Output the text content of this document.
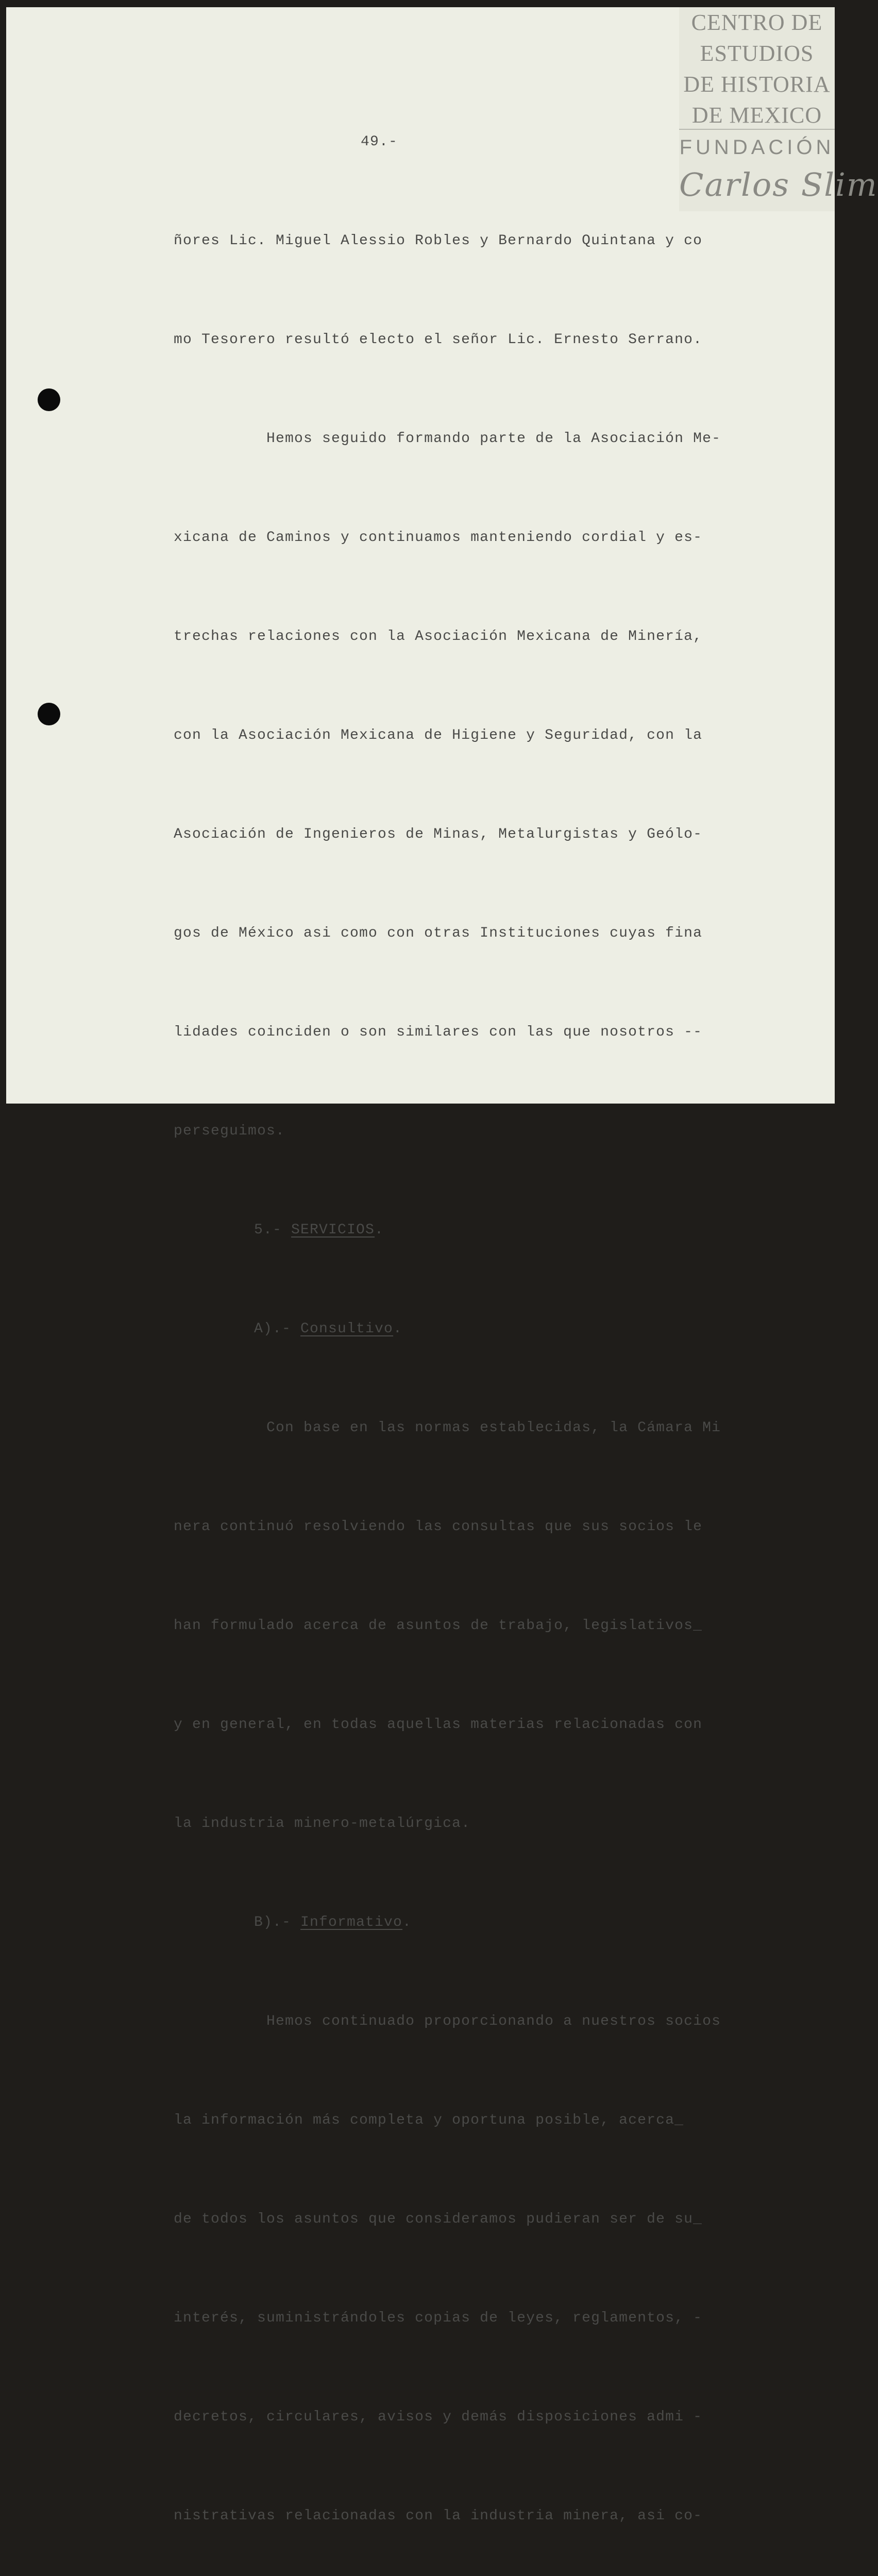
CENTRO DE
ESTUDIOS
DE HISTORIA
DE MEXICO
FUNDACIÓN
Carlos Slim
49.-

ñores Lic. Miguel Alessio Robles y Bernardo Quintana y co

mo Tesorero resultó electo el señor Lic. Ernesto Serrano.

Hemos seguido formando parte de la Asociación Me-

xicana de Caminos y continuamos manteniendo cordial y es-

trechas relaciones con la Asociación Mexicana de Minería,

con la Asociación Mexicana de Higiene y Seguridad, con la

Asociación de Ingenieros de Minas, Metalurgistas y Geólo-

gos de México asi como con otras Instituciones cuyas fina

lidades coinciden o son similares con las que nosotros --

perseguimos.

5.- SERVICIOS.

A).- Consultivo.

Con base en las normas establecidas, la Cámara Mi

nera continuó resolviendo las consultas que sus socios le

han formulado acerca de asuntos de trabajo, legislativos_

y en general, en todas aquellas materias relacionadas con

la industria minero-metalúrgica.

B).- Informativo.

Hemos continuado proporcionando a nuestros socios

la información más completa y oportuna posible, acerca_

de todos los asuntos que consideramos pudieran ser de su_

interés, suministrándoles copias de leyes, reglamentos, -

decretos, circulares, avisos y demás disposiciones admi -

nistrativas relacionadas con la industria minera, asi co-
